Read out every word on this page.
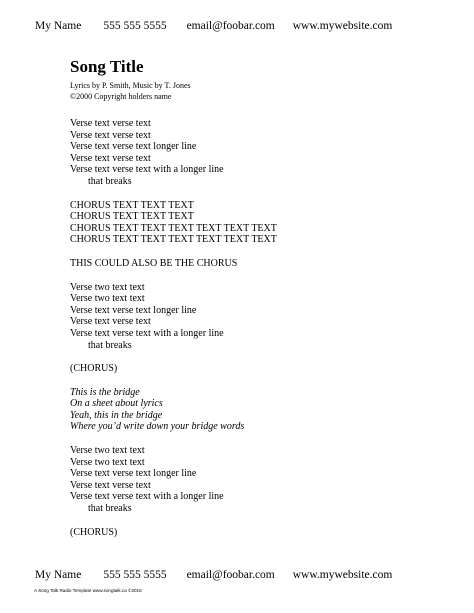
My Name 555 555 5555 email@foobar.com www.mywebsite.com
Song Title
Lyrics by P. Smith, Music by T. Jones
©2000 Copyright holders name
Verse text verse text
Verse text verse text
Verse text verse text longer line
Verse text verse text
Verse text verse text with a longer line
that breaks
CHORUS TEXT TEXT TEXT
CHORUS TEXT TEXT TEXT
CHORUS TEXT TEXT TEXT TEXT TEXT TEXT
CHORUS TEXT TEXT TEXT TEXT TEXT TEXT
THIS COULD ALSO BE THE CHORUS
Verse two text text
Verse two text text
Verse text verse text longer line
Verse text verse text
Verse text verse text with a longer line
that breaks
(CHORUS)
This is the bridge
On a sheet about lyrics
Yeah, this in the bridge
Where you’d write down your bridge words
Verse two text text
Verse two text text
Verse text verse text longer line
Verse text verse text
Verse text verse text with a longer line
that breaks
(CHORUS)
My Name 555 555 5555 email@foobar.com www.mywebsite.com
A Song Talk Radio Template www.songtalk.ca ©2016
